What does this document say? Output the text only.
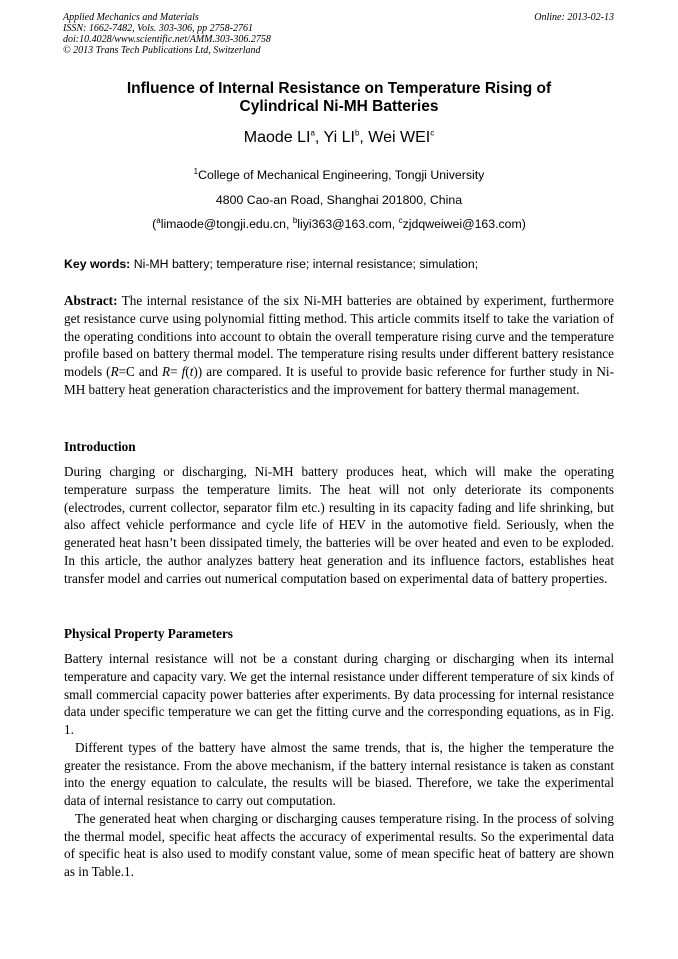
Applied Mechanics and Materials
ISSN: 1662-7482, Vols. 303-306, pp 2758-2761
doi:10.4028/www.scientific.net/AMM.303-306.2758
© 2013 Trans Tech Publications Ltd, Switzerland
Online: 2013-02-13
Influence of Internal Resistance on Temperature Rising of
Cylindrical Ni-MH Batteries
Maode $LI^a$, Yi $LI^b$, Wei WEI$^c$
$^1$College of Mechanical Engineering, Tongji University
4800 Cao-an Road, Shanghai 201800, China
($^a$limaode@tongji.edu.cn, $^b$liyi363@163.com, $^c$zjdqweiwei@163.com)
Key words: Ni-MH battery; temperature rise; internal resistance; simulation;
Abstract: The internal resistance of the six Ni-MH batteries are obtained by experiment, furthermore get resistance curve using polynomial fitting method. This article commits itself to take the variation of the operating conditions into account to obtain the overall temperature rising curve and the temperature profile based on battery thermal model. The temperature rising results under different battery resistance models (R=C and R= f(t)) are compared. It is useful to provide basic reference for further study in Ni-MH battery heat generation characteristics and the improvement for battery thermal management.
Introduction
During charging or discharging, Ni-MH battery produces heat, which will make the operating temperature surpass the temperature limits. The heat will not only deteriorate its components (electrodes, current collector, separator film etc.) resulting in its capacity fading and life shrinking, but also affect vehicle performance and cycle life of HEV in the automotive field. Seriously, when the generated heat hasn’t been dissipated timely, the batteries will be over heated and even to be exploded. In this article, the author analyzes battery heat generation and its influence factors, establishes heat transfer model and carries out numerical computation based on experimental data of battery properties.
Physical Property Parameters
Battery internal resistance will not be a constant during charging or discharging when its internal temperature and capacity vary. We get the internal resistance under different temperature of six kinds of small commercial capacity power batteries after experiments. By data processing for internal resistance data under specific temperature we can get the fitting curve and the corresponding equations, as in Fig. 1.
Different types of the battery have almost the same trends, that is, the higher the temperature the greater the resistance. From the above mechanism, if the battery internal resistance is taken as constant into the energy equation to calculate, the results will be biased. Therefore, we take the experimental data of internal resistance to carry out computation.
The generated heat when charging or discharging causes temperature rising. In the process of solving the thermal model, specific heat affects the accuracy of experimental results. So the experimental data of specific heat is also used to modify constant value, some of mean specific heat of battery are shown as in Table.1.
